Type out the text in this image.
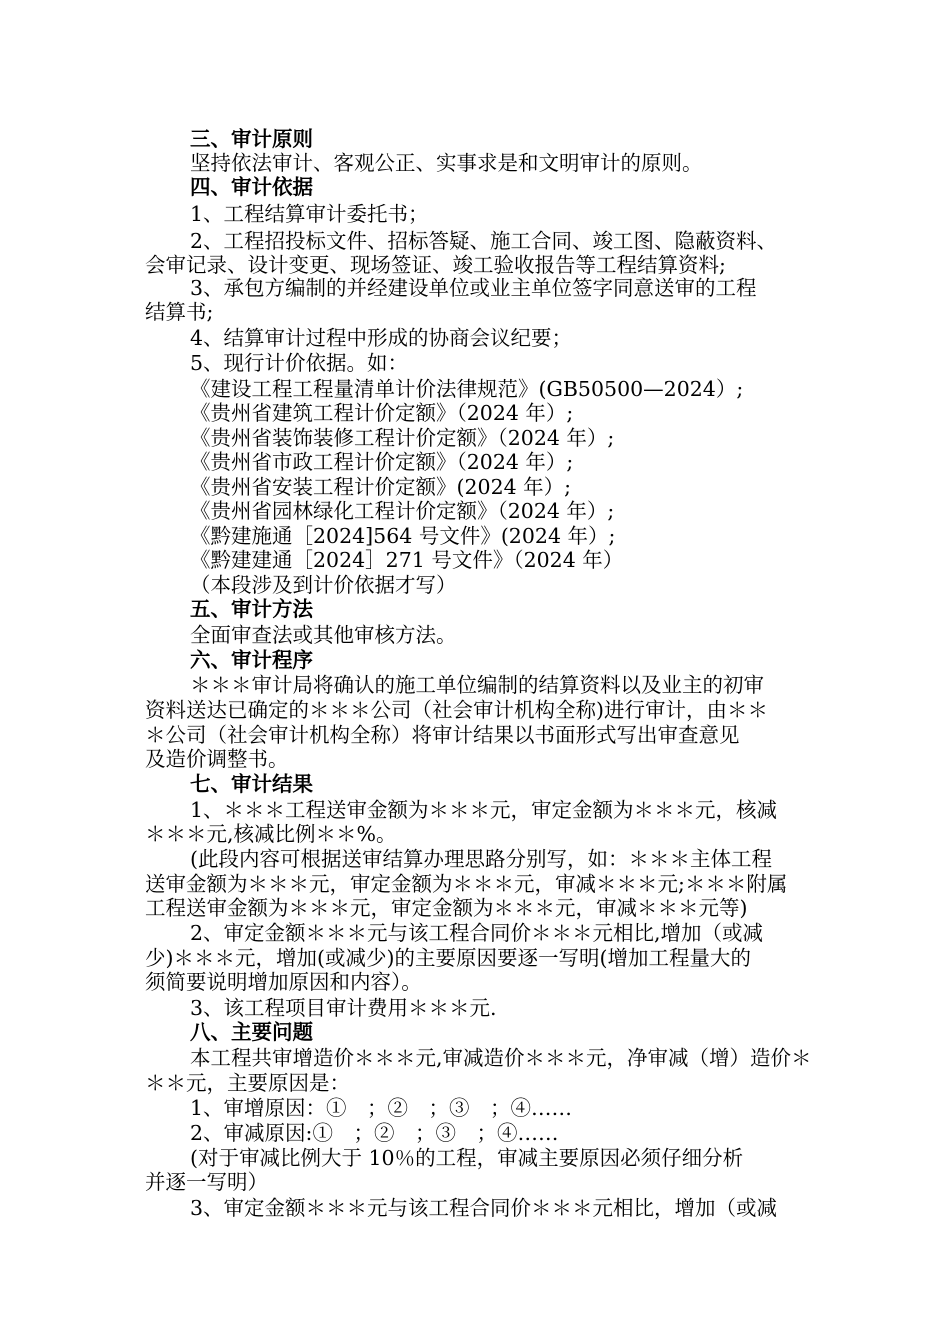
三、审计原则
坚持依法审计、客观公正、实事求是和文明审计的原则。
四、审计依据
1、工程结算审计委托书；
2、工程招投标文件、招标答疑、施工合同、竣工图、隐蔽资料、
会审记录、设计变更、现场签证、竣工验收报告等工程结算资料;
3、承包方编制的并经建设单位或业主单位签字同意送审的工程
结算书;
4、结算审计过程中形成的协商会议纪要；
5、现行计价依据。如：
《建设工程工程量清单计价法律规范》(GB50500—2024）;
《贵州省建筑工程计价定额》（2024 年）;
《贵州省装饰装修工程计价定额》（2024 年）;
《贵州省市政工程计价定额》（2024 年）;
《贵州省安装工程计价定额》(2024 年）;
《贵州省园林绿化工程计价定额》（2024 年）;
《黔建施通［2024]564 号文件》(2024 年）;
《黔建建通［2024］271 号文件》（2024 年）
（本段涉及到计价依据才写）
五、审计方法
全面审查法或其他审核方法。
六、审计程序
＊＊＊审计局将确认的施工单位编制的结算资料以及业主的初审
资料送达已确定的＊＊＊公司（社会审计机构全称)进行审计，由＊＊
＊公司（社会审计机构全称）将审计结果以书面形式写出审查意见
及造价调整书。
七、审计结果
1、＊＊＊工程送审金额为＊＊＊元，审定金额为＊＊＊元，核减
＊＊＊元,核减比例＊＊%。
(此段内容可根据送审结算办理思路分别写，如：＊＊＊主体工程
送审金额为＊＊＊元，审定金额为＊＊＊元，审减＊＊＊元;＊＊＊附属
工程送审金额为＊＊＊元，审定金额为＊＊＊元，审减＊＊＊元等)
2、审定金额＊＊＊元与该工程合同价＊＊＊元相比,增加（或减
少)＊＊＊元，增加(或减少)的主要原因要逐一写明(增加工程量大的
须简要说明增加原因和内容）。
3、该工程项目审计费用＊＊＊元.
八、主要问题
本工程共审增造价＊＊＊元,审减造价＊＊＊元，净审减（增）造价＊
＊＊元，主要原因是：
1、审增原因：①　；②　；③　；④……
2、审减原因:①　；②　；③　；④……
(对于审减比例大于 10％的工程，审减主要原因必须仔细分析
并逐一写明）
3、审定金额＊＊＊元与该工程合同价＊＊＊元相比，增加（或减
